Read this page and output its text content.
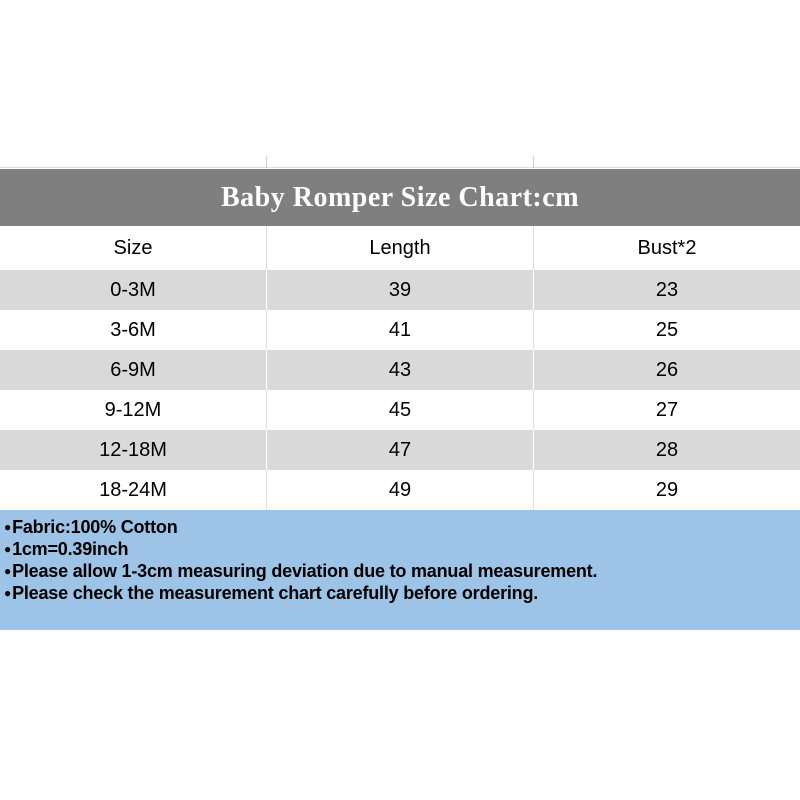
Baby Romper Size Chart:cm
Size	Length	Bust*2
0-3M	39	23
3-6M	41	25
6-9M	43	26
9-12M	45	27
12-18M	47	28
18-24M	49	29
● Fabric:100% Cotton
● 1cm=0.39inch
● Please allow 1-3cm measuring deviation due to manual measurement.
● Please check the measurement chart carefully before ordering.
